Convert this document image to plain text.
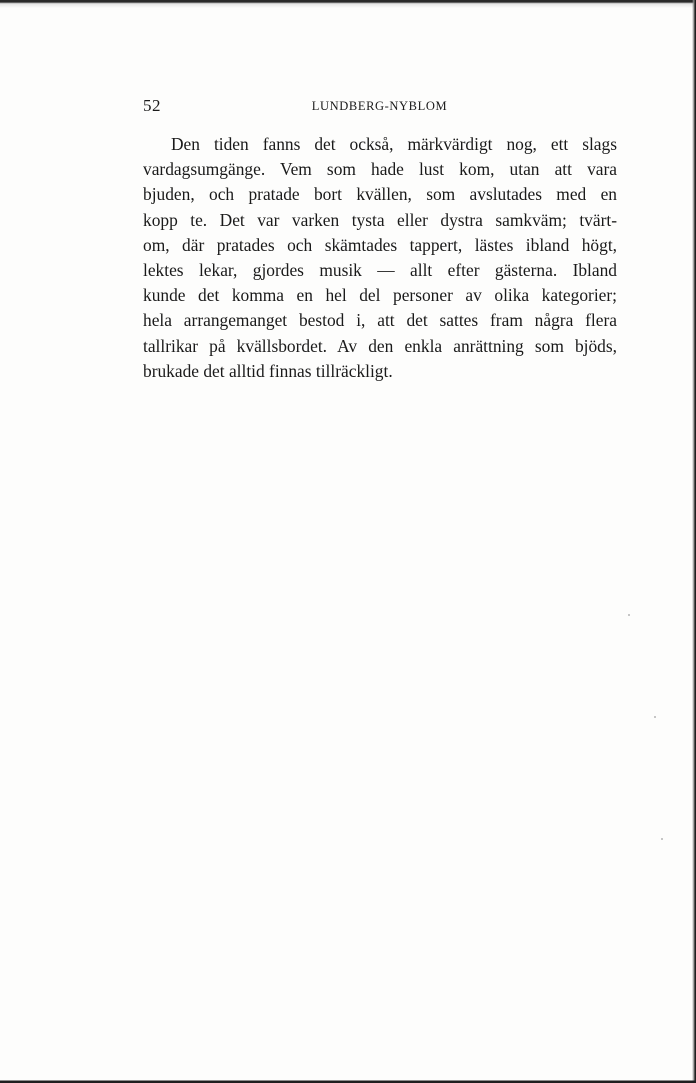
52	LUNDBERG-NYBLOM
Den tiden fanns det också, märkvärdigt nog, ett slags
vardagsumgänge. Vem som hade lust kom, utan att vara
bjuden, och pratade bort kvällen, som avslutades med en
kopp te. Det var varken tysta eller dystra samkväm; tvärt-
om, där pratades och skämtades tappert, lästes ibland högt,
lektes lekar, gjordes musik — allt efter gästerna. Ibland
kunde det komma en hel del personer av olika kategorier;
hela arrangemanget bestod i, att det sattes fram några flera
tallrikar på kvällsbordet. Av den enkla anrättning som bjöds,
brukade det alltid finnas tillräckligt.
